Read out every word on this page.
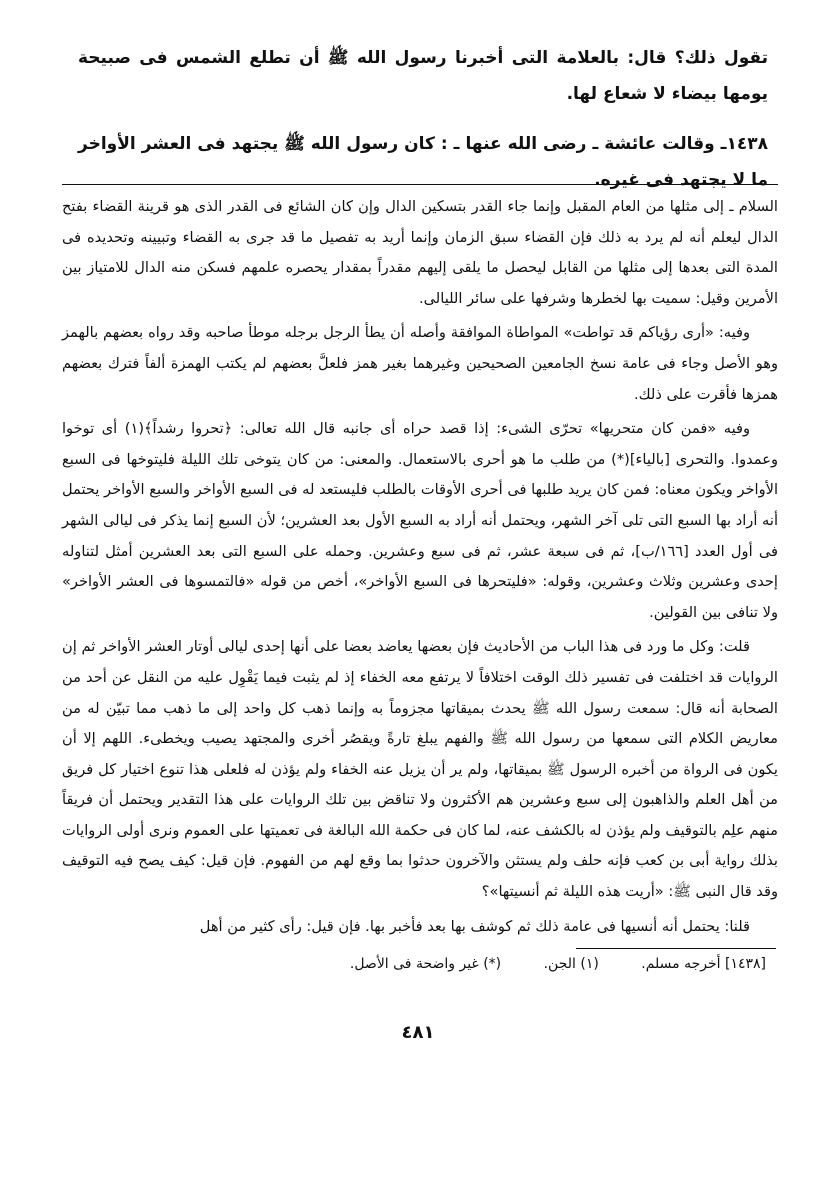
تقول ذلك؟ قال: بالعلامة التى أخبرنا رسول الله ﷺ أن تطلع الشمس فى صبيحة يومها بيضاء لا شعاع لها.

١٤٣٨ـ وقالت عائشة ـ رضى الله عنها ـ : كان رسول الله ﷺ يجتهد فى العشر الأواخر ما لا يجتهد فى غيره.

السلام ـ إلى مثلها من العام المقبل وإنما جاء القدر بتسكين الدال وإن كان الشائع فى القدر الذى هو قرينة القضاء بفتح الدال ليعلم أنه لم يرد به ذلك فإن القضاء سبق الزمان وإنما أريد به تفصيل ما قد جرى به القضاء وتبيينه وتحديده فى المدة التى بعدها إلى مثلها من القابل ليحصل ما يلقى إليهم مقدراً بمقدار يحصره علمهم فسكن منه الدال للامتياز بين الأمرين وقيل: سميت بها لخطرها وشرفها على سائر الليالى.

وفيه: «أرى رؤياكم قد تواطت» المواطاة الموافقة وأصله أن يطأ الرجل برجله موطأ صاحبه وقد رواه بعضهم بالهمز وهو الأصل وجاء فى عامة نسخ الجامعين الصحيحين وغيرهما بغير همز فلعلَّ بعضهم لم يكتب الهمزة ألفاً فترك بعضهم همزها فأقرت على ذلك.

وفيه «فمن كان متحريها» تحرّى الشىء: إذا قصد حراه أى جانبه قال الله تعالى: ﴿تحروا رشداً﴾(١) أى توخوا وعمدوا. والتحرى [بالياء](*) من طلب ما هو أحرى بالاستعمال. والمعنى: من كان يتوخى تلك الليلة فليتوخها فى السبع الأواخر ويكون معناه: فمن كان يريد طلبها فى أحرى الأوقات بالطلب فليستعد له فى السبع الأواخر والسبع الأواخر يحتمل أنه أراد بها السبع التى تلى آخر الشهر، ويحتمل أنه أراد به السبع الأول بعد العشرين؛ لأن السبع إنما يذكر فى ليالى الشهر فى أول العدد [١٦٦/ب]، ثم فى سبعة عشر، ثم فى سبع وعشرين. وحمله على السبع التى بعد العشرين أمثل لتناوله إحدى وعشرين وثلاث وعشرين، وقوله: «فليتحرها فى السبع الأواخر»، أخص من قوله «فالتمسوها فى العشر الأواخر» ولا تنافى بين القولين.

قلت: وكل ما ورد فى هذا الباب من الأحاديث فإن بعضها يعاضد بعضا على أنها إحدى ليالى أوتار العشر الأواخر ثم إن الروايات قد اختلفت فى تفسير ذلك الوقت اختلافاً لا يرتفع معه الخفاء إذ لم يثبت فيما يَقْوِل عليه من النقل عن أحد من الصحابة أنه قال: سمعت رسول الله ﷺ يحدث بميقاتها مجزوماً به وإنما ذهب كل واحد إلى ما ذهب مما تبيّن له من معاريض الكلام التى سمعها من رسول الله ﷺ والفهم يبلغ تارةً ويقصُر أخرى والمجتهد يصيب ويخطىء. اللهم إلا أن يكون فى الرواة من أخبره الرسول ﷺ بميقاتها، ولم ير أن يزيل عنه الخفاء ولم يؤذن له فلعلى هذا تنوع اختيار كل فريق من أهل العلم والذاهبون إلى سبع وعشرين هم الأكثرون ولا تناقض بين تلك الروايات على هذا التقدير ويحتمل أن فريقاً منهم علِم بالتوقيف ولم يؤذن له بالكشف عنه، لما كان فى حكمة الله البالغة فى تعميتها على العموم ونرى أولى الروايات بذلك رواية أبى بن كعب فإنه حلف ولم يستثن والآخرون حدثوا بما وقع لهم من الفهوم. فإن قيل: كيف يصح فيه التوقيف وقد قال النبى ﷺ: «أريت هذه الليلة ثم أنسيتها»؟

قلنا: يحتمل أنه أنسيها فى عامة ذلك ثم كوشف بها بعد فأخبر بها. فإن قيل: رأى كثير من أهل

[١٤٣٨] أخرجه مسلم. (١) الجن. (*) غير واضحة فى الأصل.
٤٨١
